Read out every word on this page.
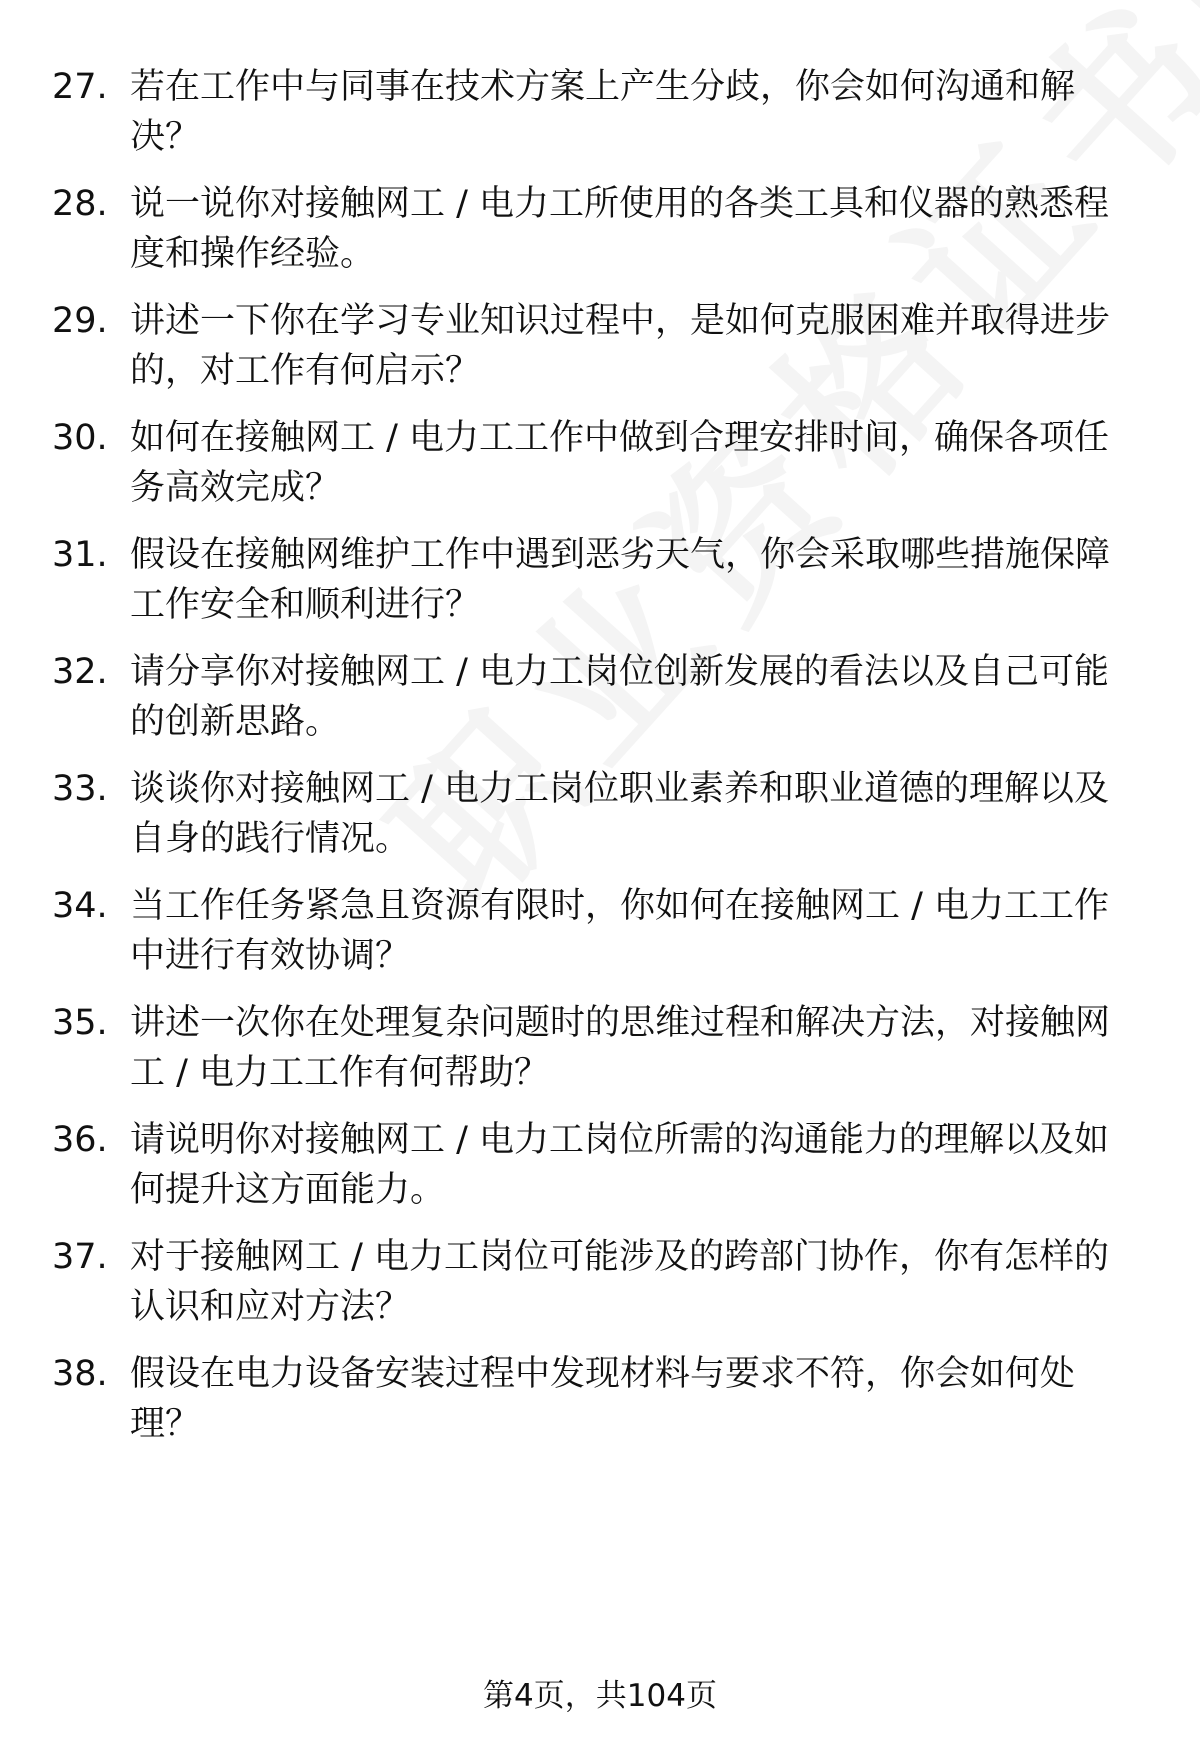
27. 若在工作中与同事在技术方案上产生分歧，你会如何沟通和解决？
28. 说一说你对接触网工 / 电力工所使用的各类工具和仪器的熟悉程度和操作经验。
29. 讲述一下你在学习专业知识过程中，是如何克服困难并取得进步的，对工作有何启示？
30. 如何在接触网工 / 电力工工作中做到合理安排时间，确保各项任务高效完成？
31. 假设在接触网维护工作中遇到恶劣天气，你会采取哪些措施保障工作安全和顺利进行？
32. 请分享你对接触网工 / 电力工岗位创新发展的看法以及自己可能的创新思路。
33. 谈谈你对接触网工 / 电力工岗位职业素养和职业道德的理解以及自身的践行情况。
34. 当工作任务紧急且资源有限时，你如何在接触网工 / 电力工工作中进行有效协调？
35. 讲述一次你在处理复杂问题时的思维过程和解决方法，对接触网工 / 电力工工作有何帮助？
36. 请说明你对接触网工 / 电力工岗位所需的沟通能力的理解以及如何提升这方面能力。
37. 对于接触网工 / 电力工岗位可能涉及的跨部门协作，你有怎样的认识和应对方法？
38. 假设在电力设备安装过程中发现材料与要求不符，你会如何处理？
第4页，共104页
